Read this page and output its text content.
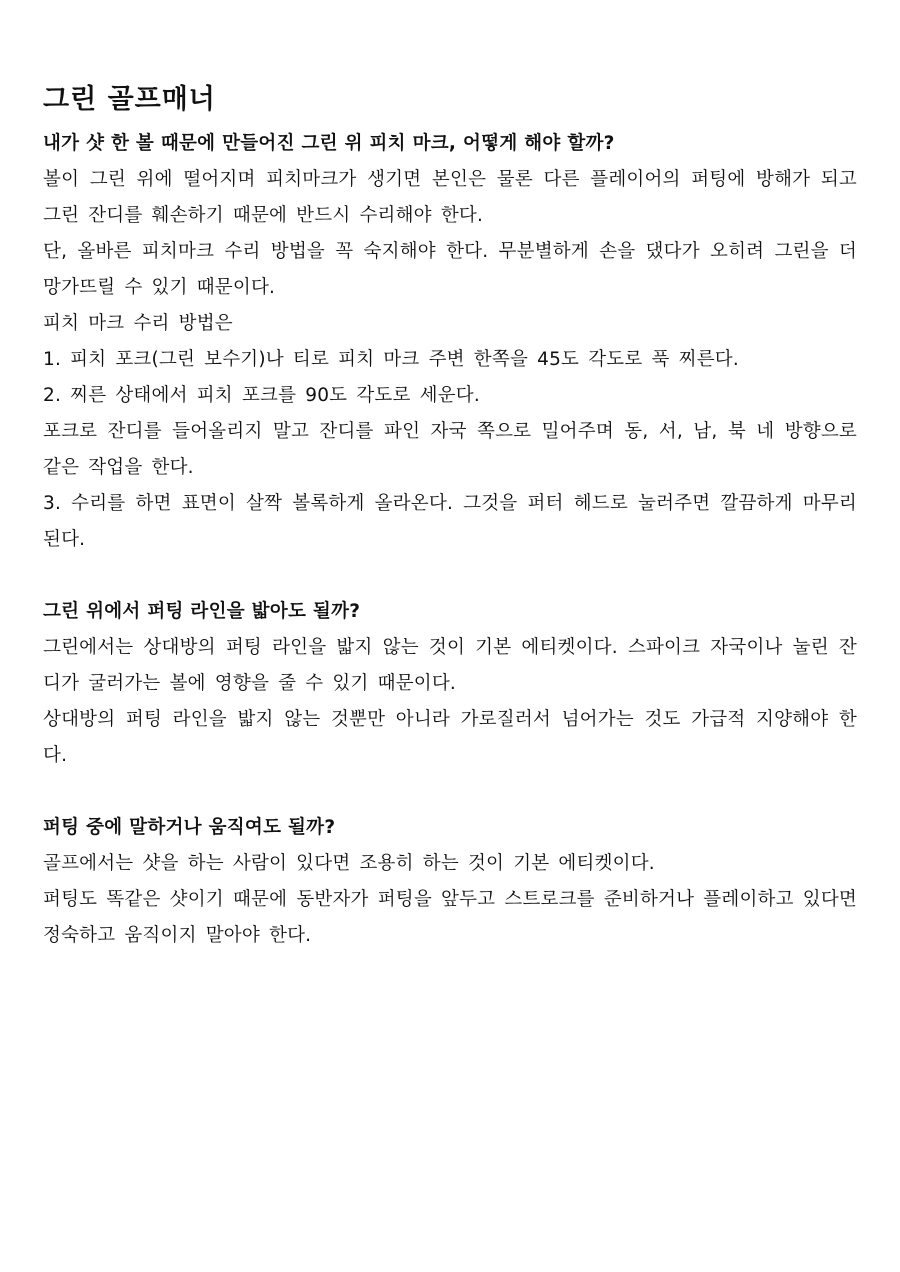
그린 골프매너

내가 샷 한 볼 때문에 만들어진 그린 위 피치 마크, 어떻게 해야 할까?

볼이 그린 위에 떨어지며 피치마크가 생기면 본인은 물론 다른 플레이어의 퍼팅에 방해가 되고 그린 잔디를 훼손하기 때문에 반드시 수리해야 한다.

단, 올바른 피치마크 수리 방법을 꼭 숙지해야 한다. 무분별하게 손을 댔다가 오히려 그린을 더 망가뜨릴 수 있기 때문이다.

피치 마크 수리 방법은

1. 피치 포크(그린 보수기)나 티로 피치 마크 주변 한쪽을 45도 각도로 푹 찌른다.

2. 찌른 상태에서 피치 포크를 90도 각도로 세운다.

포크로 잔디를 들어올리지 말고 잔디를 파인 자국 쪽으로 밀어주며 동, 서, 남, 북 네 방향으로 같은 작업을 한다.

3. 수리를 하면 표면이 살짝 볼록하게 올라온다. 그것을 퍼터 헤드로 눌러주면 깔끔하게 마무리 된다.

그린 위에서 퍼팅 라인을 밟아도 될까?

그린에서는 상대방의 퍼팅 라인을 밟지 않는 것이 기본 에티켓이다. 스파이크 자국이나 눌린 잔디가 굴러가는 볼에 영향을 줄 수 있기 때문이다.

상대방의 퍼팅 라인을 밟지 않는 것뿐만 아니라 가로질러서 넘어가는 것도 가급적 지양해야 한다.

퍼팅 중에 말하거나 움직여도 될까?

골프에서는 샷을 하는 사람이 있다면 조용히 하는 것이 기본 에티켓이다.

퍼팅도 똑같은 샷이기 때문에 동반자가 퍼팅을 앞두고 스트로크를 준비하거나 플레이하고 있다면 정숙하고 움직이지 말아야 한다.
